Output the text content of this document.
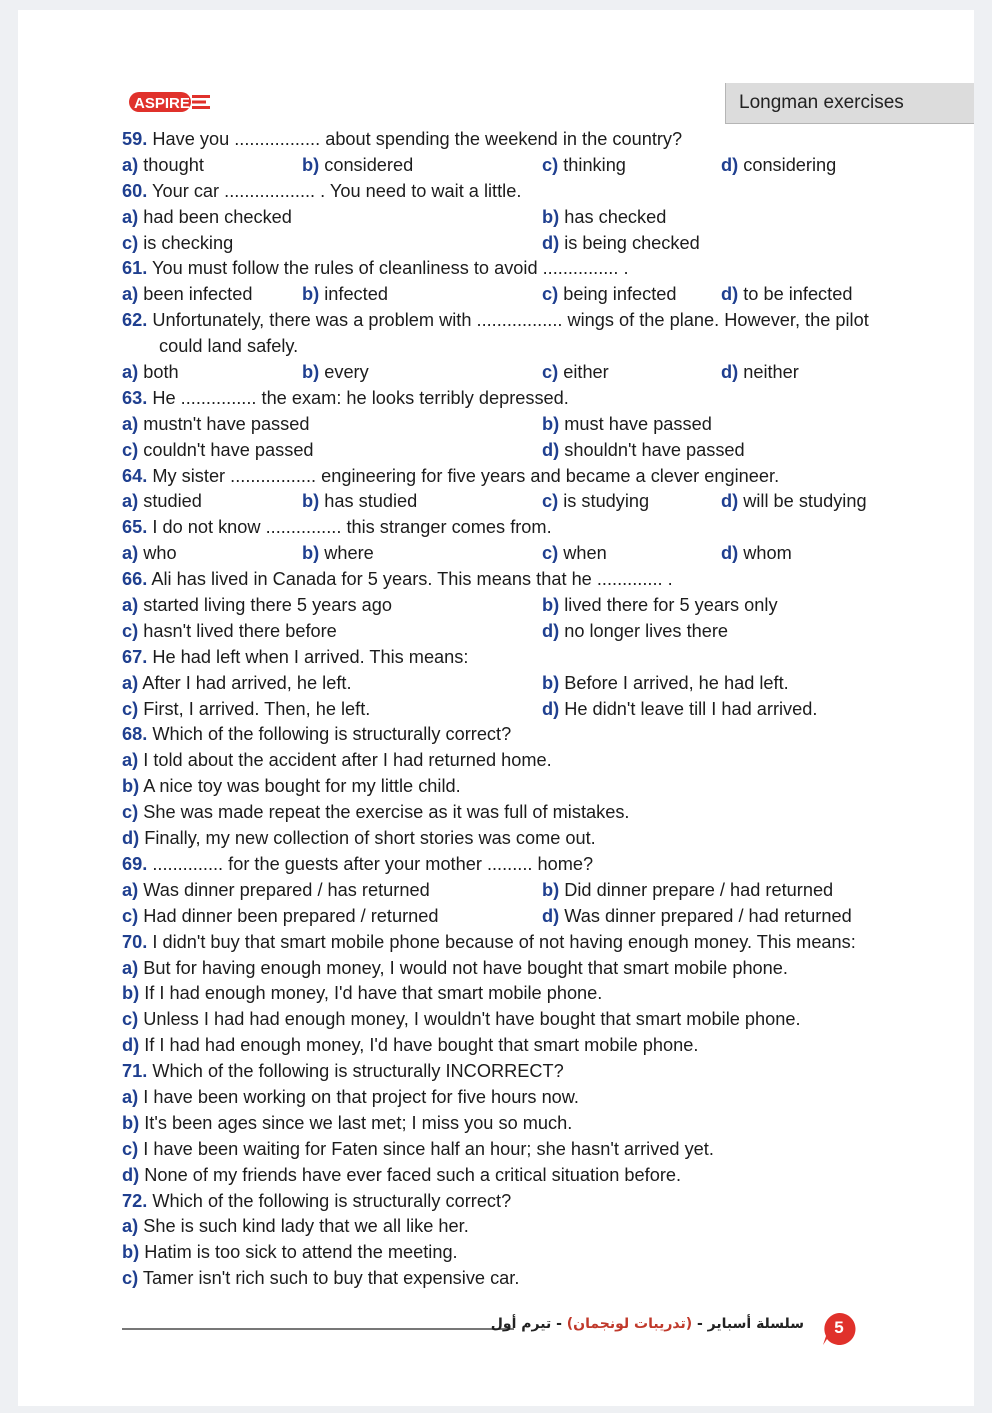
ASPIRE	Longman exercises
59. Have you ................. about spending the weekend in the country?
a) thought	b) considered	c) thinking	d) considering
60. Your car .................. . You need to wait a little.
a) had been checked	b) has checked
c) is checking	d) is being checked
61. You must follow the rules of cleanliness to avoid ............... .
a) been infected	b) infected	c) being infected d) to be infected
62. Unfortunately, there was a problem with ................. wings of the plane. However, the pilot
could land safely.
a) both	b) every	c) either	d) neither
63. He ............... the exam: he looks terribly depressed.
a) mustn't have passed	b) must have passed
c) couldn't have passed	d) shouldn't have passed
64. My sister ................. engineering for five years and became a clever engineer.
a) studied	b) has studied	c) is studying	d) will be studying
65. I do not know ............... this stranger comes from.
a) who	b) where	c) when	d) whom
66. Ali has lived in Canada for 5 years. This means that he ............. .
a) started living there 5 years ago	b) lived there for 5 years only
c) hasn't lived there before	d) no longer lives there
67. He had left when I arrived. This means:
a) After I had arrived, he left.	b) Before I arrived, he had left.
c) First, I arrived. Then, he left.	d) He didn't leave till I had arrived.
68. Which of the following is structurally correct?
a) I told about the accident after I had returned home.
b) A nice toy was bought for my little child.
c) She was made repeat the exercise as it was full of mistakes.
d) Finally, my new collection of short stories was come out.
69. .............. for the guests after your mother ......... home?
a) Was dinner prepared / has returned	b) Did dinner prepare / had returned
c) Had dinner been prepared / returned	d) Was dinner prepared / had returned
70. I didn't buy that smart mobile phone because of not having enough money. This means:
a) But for having enough money, I would not have bought that smart mobile phone.
b) If I had enough money, I'd have that smart mobile phone.
c) Unless I had had enough money, I wouldn't have bought that smart mobile phone.
d) If I had had enough money, I'd have bought that smart mobile phone.
71. Which of the following is structurally INCORRECT?
a) I have been working on that project for five hours now.
b) It's been ages since we last met; I miss you so much.
c) I have been waiting for Faten since half an hour; she hasn't arrived yet.
d) None of my friends have ever faced such a critical situation before.
72. Which of the following is structurally correct?
a) She is such kind lady that we all like her.
b) Hatim is too sick to attend the meeting.
c) Tamer isn't rich such to buy that expensive car.
سلسلة أسباير - (تدريبات لونجمان) - تيرم أول	5
